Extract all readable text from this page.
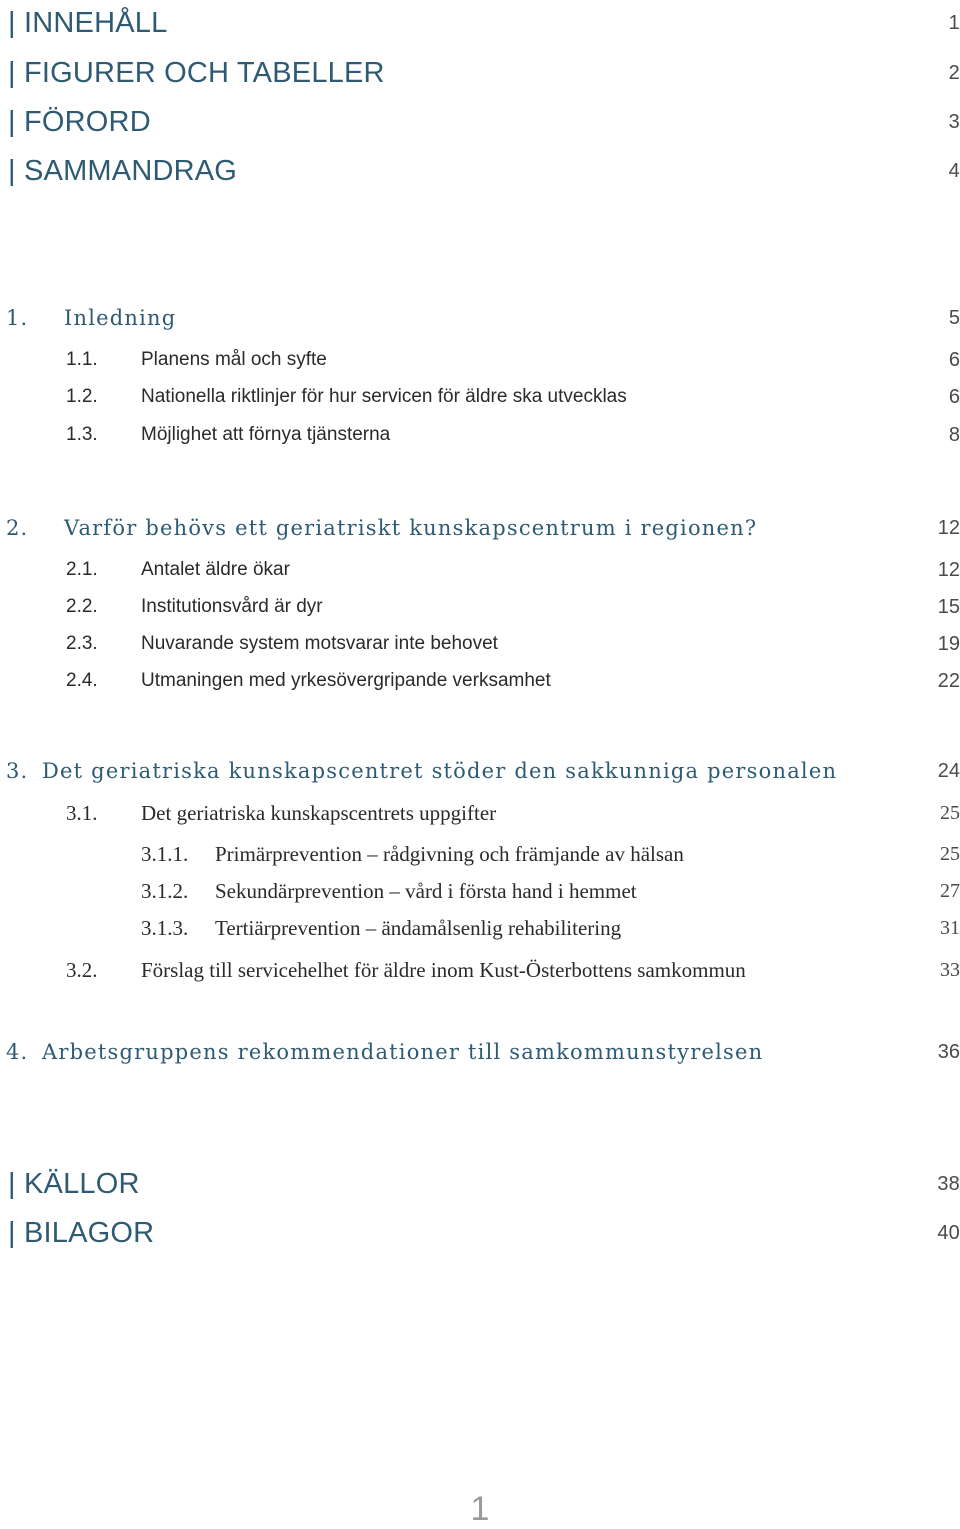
| INNEHÅLL	1
| FIGURER OCH TABELLER	2
| FÖRORD	3
| SAMMANDRAG	4
1. Inledning	5
1.1. Planens mål och syfte	6
1.2. Nationella riktlinjer för hur servicen för äldre ska utvecklas	6
1.3. Möjlighet att förnya tjänsterna	8
2. Varför behövs ett geriatriskt kunskapscentrum i regionen?	12
2.1. Antalet äldre ökar	12
2.2. Institutionsvård är dyr	15
2.3. Nuvarande system motsvarar inte behovet	19
2.4. Utmaningen med yrkesövergripande verksamhet	22
3. Det geriatriska kunskapscentret stöder den sakkunniga personalen	24
3.1. Det geriatriska kunskapscentrets uppgifter	25
3.1.1. Primärprevention – rådgivning och främjande av hälsan	25
3.1.2. Sekundärprevention – vård i första hand i hemmet	27
3.1.3. Tertiärprevention – ändamålsenlig rehabilitering	31
3.2. Förslag till servicehelhet för äldre inom Kust-Österbottens samkommun	33
4. Arbetsgruppens rekommendationer till samkommunstyrelsen	36
| KÄLLOR	38
| BILAGOR	40
1
